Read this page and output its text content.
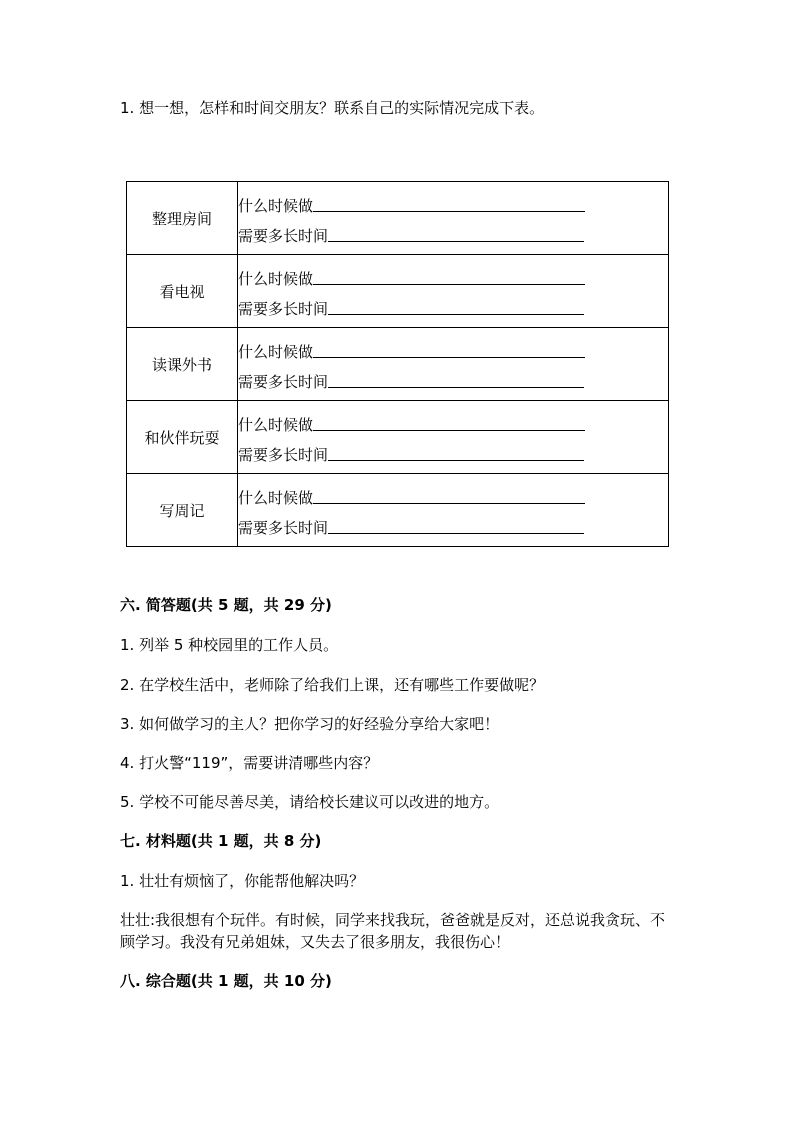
1. 想一想，怎样和时间交朋友？联系自己的实际情况完成下表。
整理房间	什么时候做
需要多长时间

看电视	什么时候做
需要多长时间

读课外书	什么时候做
需要多长时间

和伙伴玩耍	什么时候做
需要多长时间

写周记	什么时候做
需要多长时间
六. 简答题(共 5 题，共 29 分)
1. 列举 5 种校园里的工作人员。
2. 在学校生活中，老师除了给我们上课，还有哪些工作要做呢？
3. 如何做学习的主人？把你学习的好经验分享给大家吧！
4. 打火警“119”，需要讲清哪些内容？
5. 学校不可能尽善尽美，请给校长建议可以改进的地方。
七. 材料题(共 1 题，共 8 分)
1. 壮壮有烦恼了，你能帮他解决吗？
壮壮:我很想有个玩伴。有时候，同学来找我玩，爸爸就是反对，还总说我贪玩、不顾学习。我没有兄弟姐妹，又失去了很多朋友，我很伤心！
八. 综合题(共 1 题，共 10 分)
